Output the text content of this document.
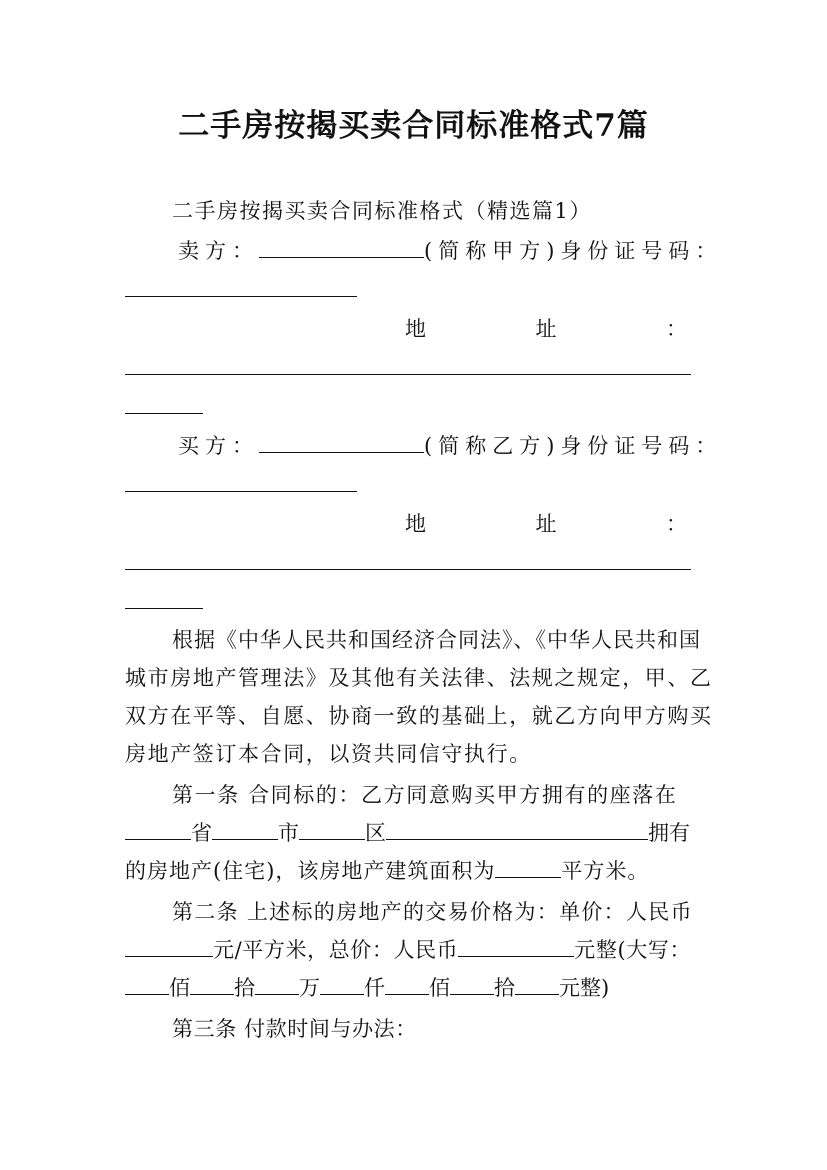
二手房按揭买卖合同标准格式7篇
二手房按揭买卖合同标准格式（精选篇1）
卖方：	(简称甲方)身份证号码：
地	址	：
买方：	(简称乙方)身份证号码：
地	址	：
根据《中华人民共和国经济合同法》、《中华人民共和国
城市房地产管理法》及其他有关法律、法规之规定，甲、乙
双方在平等、自愿、协商一致的基础上，就乙方向甲方购买
房地产签订本合同，以资共同信守执行。
第一条 合同标的：乙方同意购买甲方拥有的座落在
省	市	区	拥有
的房地产(住宅)，该房地产建筑面积为	平方米。
第二条 上述标的房地产的交易价格为：单价：人民币
元/平方米，总价：人民币	元整(大写：
佰 拾 万 仟 佰 拾 元整)
第三条 付款时间与办法：
